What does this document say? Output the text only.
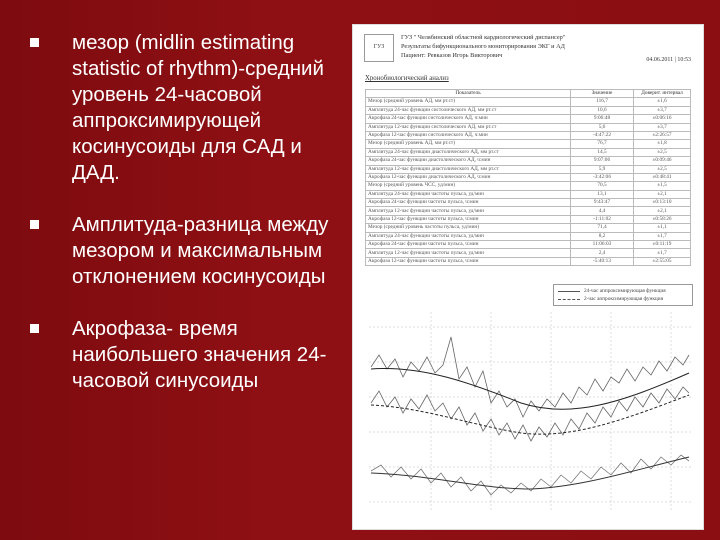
мезор (midlin estimating statistic of rhythm)-средний уровень 24-часовой аппроксимирующей косинусоиды для САД и ДАД.
Амплитуда-разница между мезором и максимальным отклонением косинусоиды
Акрофаза- время наибольшего значения 24-часовой синусоиды
ГУЗ
ГУЗ " Челябинский областной кардиологический диспансер"
Результаты бифункционального мониторирования ЭКГ и АД
Пациент: Ревказов Игорь Викторович
04.06.2011 | 10:53
Хронобиологический анализ
Показатель	Значение	Доверит. интервал
Мезор (средний уровень АД, мм рт.ст)	116,7	±1,6
Амплитуда 24-час функции систолического АД, мм рт.ст	10,6	±3,7
Акрофаза 24-час функции систолического АД, ч:мин	9:06:48	±0:06:16
Амплитуда 12-час функции систолического АД, мм рт.ст	5,6	±3,7
Акрофаза 12-час функции систолического АД, ч:мин	-4:47:22	±2:26:57
Мезор (средний уровень АД, мм рт.ст)	76,7	±1,8
Амплитуда 24-час функции диастолического АД, мм рт.ст	14,5	±2,5
Акрофаза 24-час функции диастолического АД, ч:мин	9:07:06	±0:09:46
Амплитуда 12-час функции диастолического АД, мм рт.ст	5,9	±2,5
Акрофаза 12-час функции диастолического АД, ч:мин	-3:42:06	±0:48:41
Мезор (средний уровень ЧСС, уд/мин)	70,5	±1,5
Амплитуда 24-час функции частоты пульса, уд/мин	13,1	±2,1
Акрофаза 24-час функции частоты пульса, ч:мин	9:43:47	±0:13:10
Амплитуда 12-час функции частоты пульса, уд/мин	4,4	±2,1
Акрофаза 12-час функции частоты пульса, ч:мин	-1:11:02	±0:58:26
Мезор (средний уровень частоты пульса, уд/мин)	71,4	±1,1
Амплитуда 24-час функции частоты пульса, уд/мин	8,2	±1,7
Акрофаза 24-час функции частоты пульса, ч:мин	11:06:03	±0:11:19
Амплитуда 12-час функции частоты пульса, уд/мин	2,4	±1,7
Акрофаза 12-час функции частоты пульса, ч:мин	-5:40:13	±2:55:05
24-час аппроксимирующая функция
2-час аппроксимирующая функция
